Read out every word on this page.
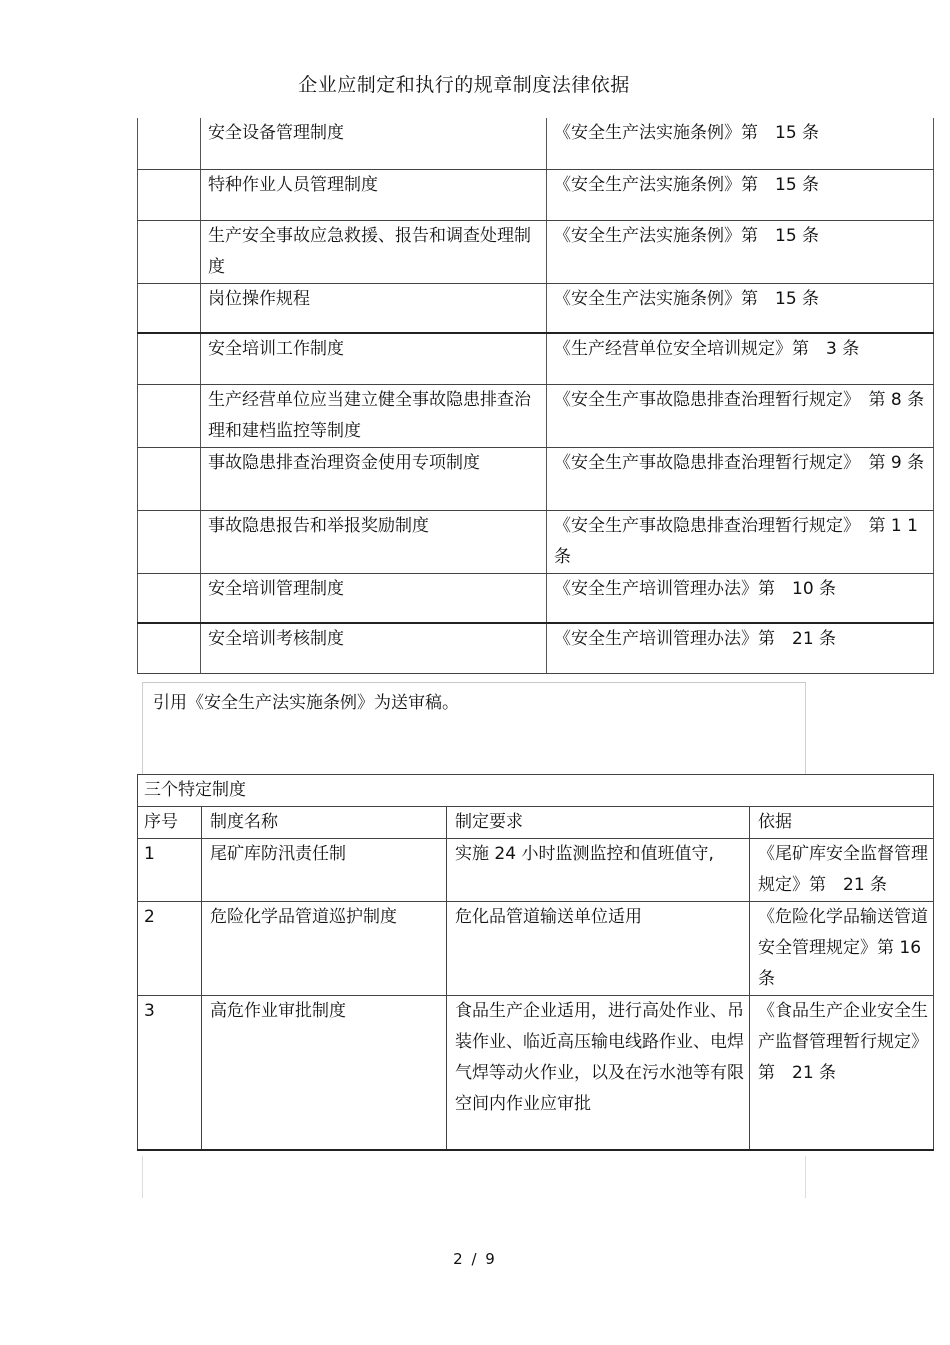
企业应制定和执行的规章制度法律依据
	安全设备管理制度	《安全生产法实施条例》第　15 条
	特种作业人员管理制度	《安全生产法实施条例》第　15 条
	生产安全事故应急救援、报告和调查处理制度	《安全生产法实施条例》第　15 条
	岗位操作规程	《安全生产法实施条例》第　15 条
	安全培训工作制度	《生产经营单位安全培训规定》第　3 条
	生产经营单位应当建立健全事故隐患排查治理和建档监控等制度	《安全生产事故隐患排查治理暂行规定》　第 8 条
	事故隐患排查治理资金使用专项制度	《安全生产事故隐患排查治理暂行规定》　第 9 条
	事故隐患报告和举报奖励制度	《安全生产事故隐患排查治理暂行规定》　第 1 1 条
	安全培训管理制度	《安全生产培训管理办法》第　10 条
	安全培训考核制度	《安全生产培训管理办法》第　21 条
引用《安全生产法实施条例》为送审稿。
三个特定制度			
序号	制度名称	制定要求	依据
1	尾矿库防汛责任制	实施 24 小时监测监控和值班值守,	《尾矿库安全监督管理规定》第　21 条
2	危险化学品管道巡护制度	危化品管道输送单位适用	《危险化学品输送管道安全管理规定》第 16 条
3	高危作业审批制度	食品生产企业适用，进行高处作业、吊装作业、临近高压输电线路作业、电焊气焊等动火作业，以及在污水池等有限空间内作业应审批	《食品生产企业安全生产监督管理暂行规定》第　21 条
2 / 9
